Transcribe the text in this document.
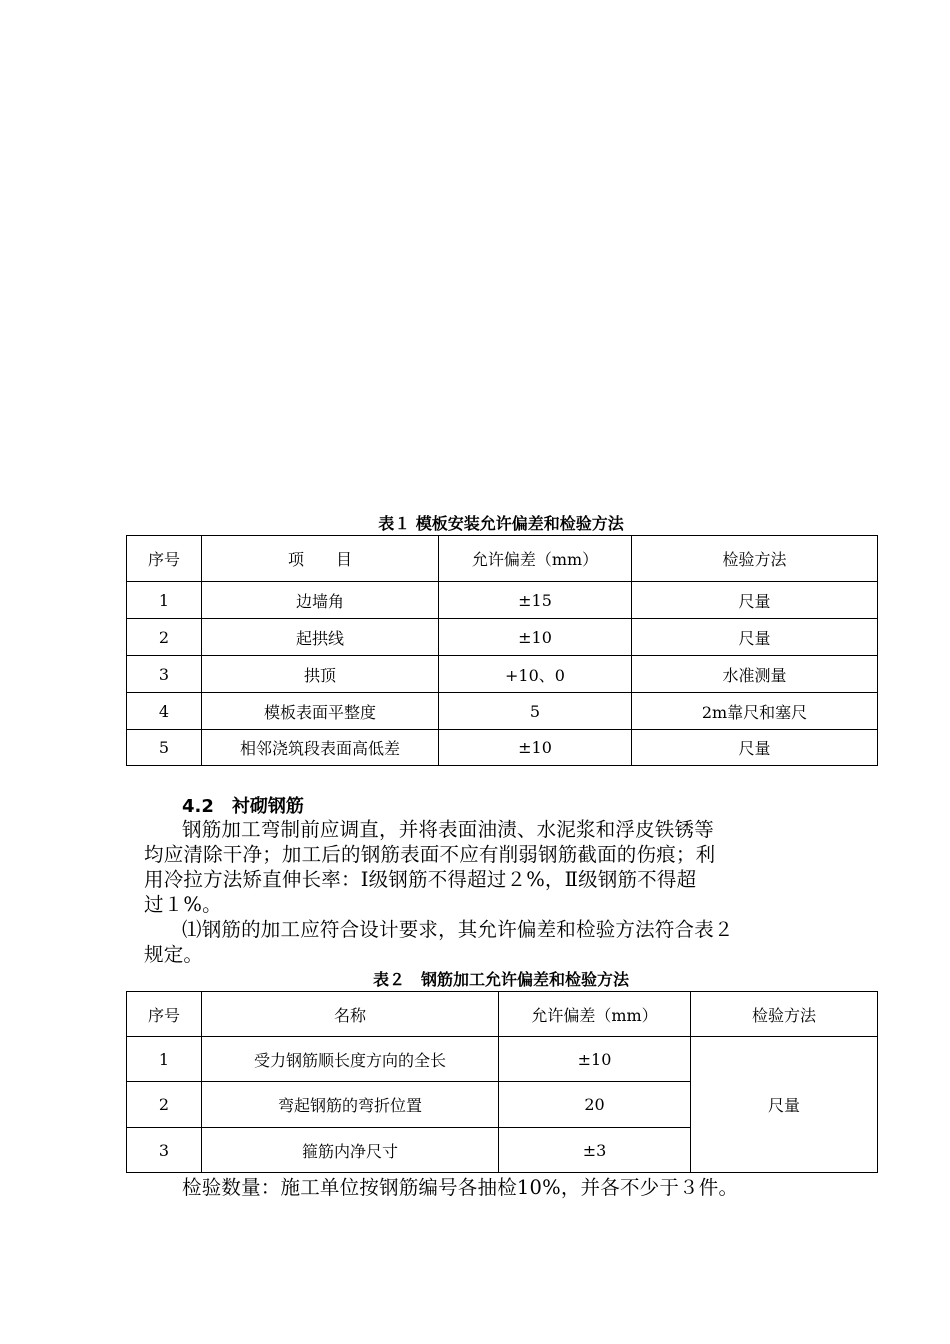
表１ 模板安装允许偏差和检验方法
序号	项　　目	允许偏差（mm）	检验方法
1	边墙角	±15	尺量
2	起拱线	±10	尺量
3	拱顶	+10、0	水准测量
4	模板表面平整度	5	2m靠尺和塞尺
5	相邻浇筑段表面高低差	±10	尺量
4.2　衬砌钢筋
钢筋加工弯制前应调直，并将表面油渍、水泥浆和浮皮铁锈等
均应清除干净；加工后的钢筋表面不应有削弱钢筋截面的伤痕；利
用冷拉方法矫直伸长率：Ⅰ级钢筋不得超过２%，Ⅱ级钢筋不得超
过１%。
⑴钢筋的加工应符合设计要求，其允许偏差和检验方法符合表２
规定。
表２　钢筋加工允许偏差和检验方法
序号	名称	允许偏差（mm）	检验方法
1	受力钢筋顺长度方向的全长	±10	尺量
2	弯起钢筋的弯折位置	20	
3	箍筋内净尺寸	±3	
检验数量：施工单位按钢筋编号各抽检10%，并各不少于３件。
